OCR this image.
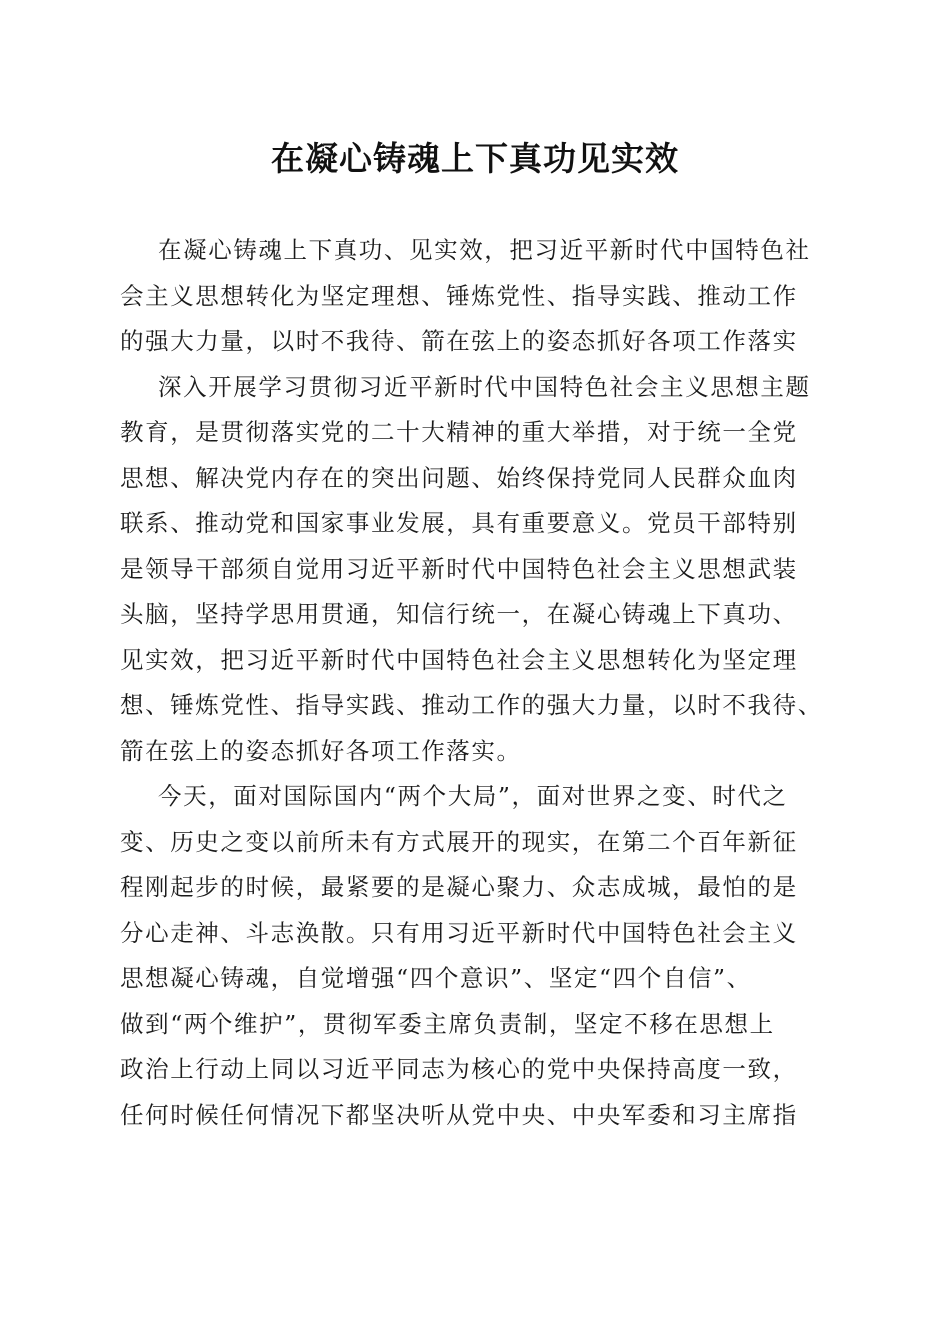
在凝心铸魂上下真功见实效
在凝心铸魂上下真功、见实效，把习近平新时代中国特色社
会主义思想转化为坚定理想、锤炼党性、指导实践、推动工作
的强大力量，以时不我待、箭在弦上的姿态抓好各项工作落实
深入开展学习贯彻习近平新时代中国特色社会主义思想主题
教育，是贯彻落实党的二十大精神的重大举措，对于统一全党
思想、解决党内存在的突出问题、始终保持党同人民群众血肉
联系、推动党和国家事业发展，具有重要意义。党员干部特别
是领导干部须自觉用习近平新时代中国特色社会主义思想武装
头脑，坚持学思用贯通，知信行统一，在凝心铸魂上下真功、
见实效，把习近平新时代中国特色社会主义思想转化为坚定理
想、锤炼党性、指导实践、推动工作的强大力量，以时不我待、
箭在弦上的姿态抓好各项工作落实。
今天，面对国际国内“两个大局”，面对世界之变、时代之
变、历史之变以前所未有方式展开的现实，在第二个百年新征
程刚起步的时候，最紧要的是凝心聚力、众志成城，最怕的是
分心走神、斗志涣散。只有用习近平新时代中国特色社会主义
思想凝心铸魂，自觉增强“四个意识”、坚定“四个自信”、
做到“两个维护”，贯彻军委主席负责制，坚定不移在思想上
政治上行动上同以习近平同志为核心的党中央保持高度一致，
任何时候任何情况下都坚决听从党中央、中央军委和习主席指
